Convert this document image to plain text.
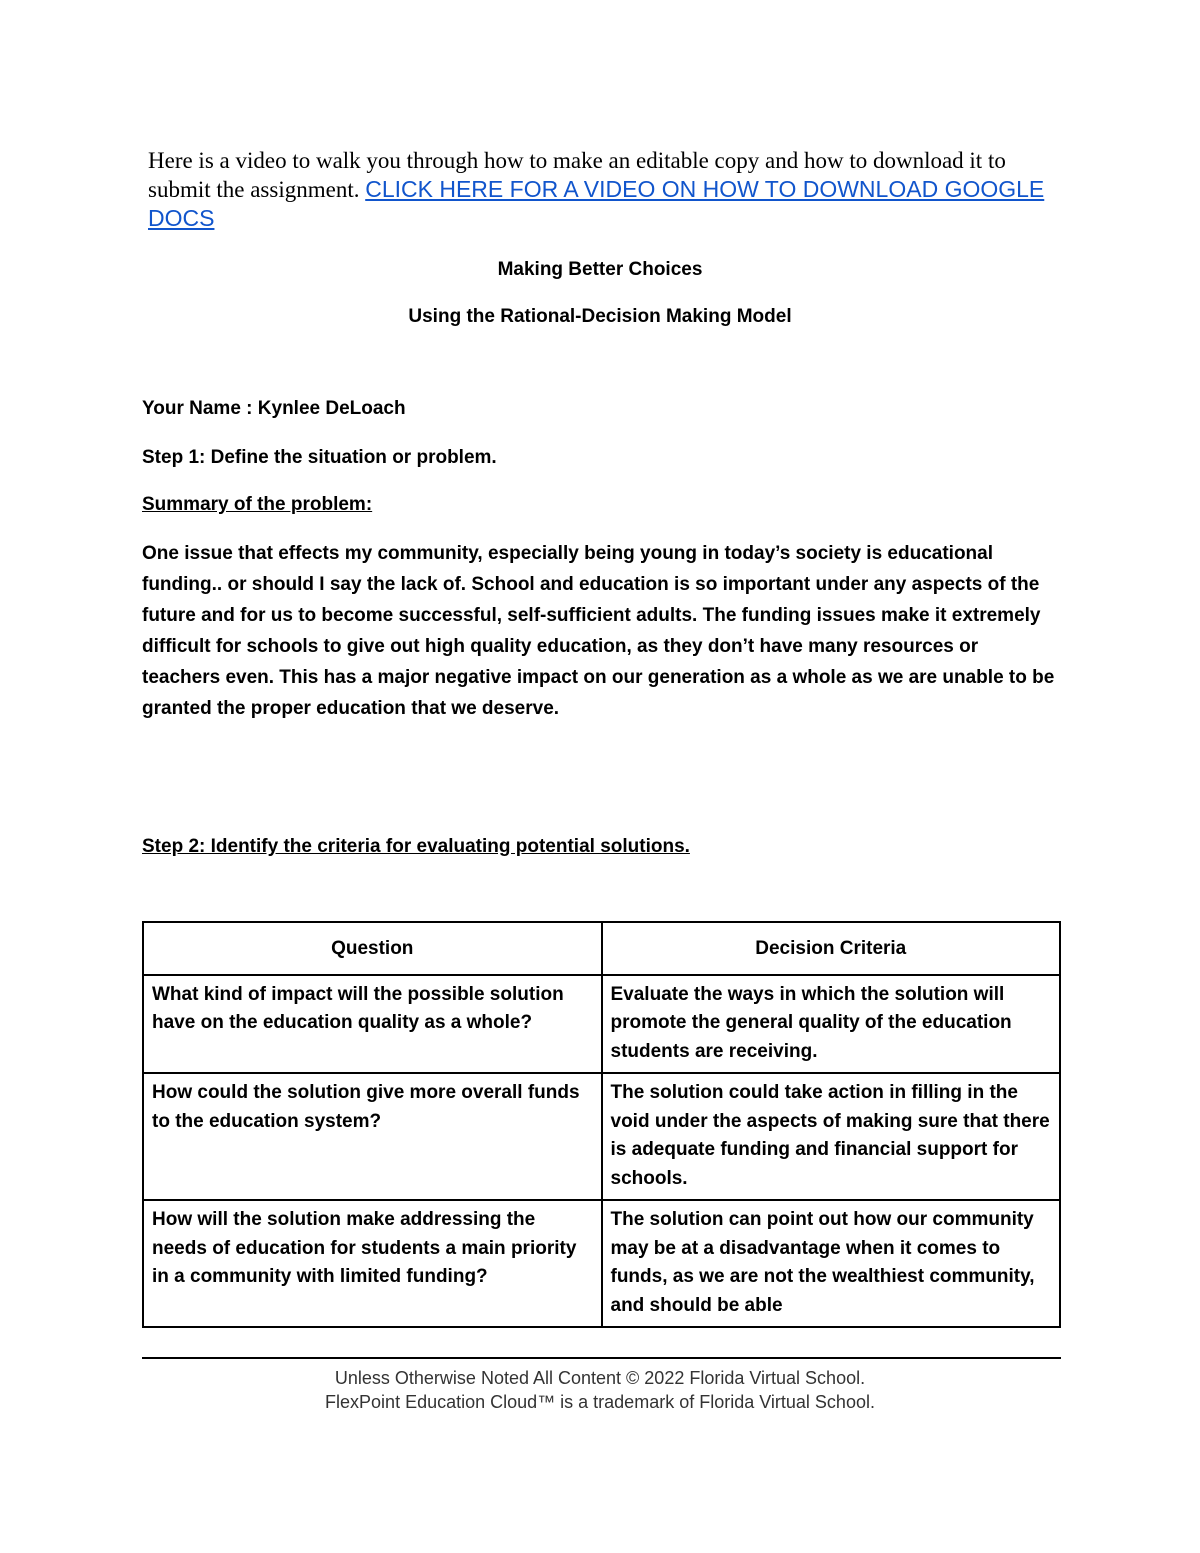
Here is a video to walk you through how to make an editable copy and how to download it to submit the assignment. CLICK HERE FOR A VIDEO ON HOW TO DOWNLOAD GOOGLE DOCS
Making Better Choices
Using the Rational-Decision Making Model
Your Name : Kynlee DeLoach
Step 1: Define the situation or problem.
Summary of the problem:
One issue that effects my community, especially being young in today’s society is educational funding.. or should I say the lack of. School and education is so important under any aspects of the future and for us to become successful, self-sufficient adults. The funding issues make it extremely difficult for schools to give out high quality education, as they don’t have many resources or teachers even. This has a major negative impact on our generation as a whole as we are unable to be granted the proper education that we deserve.
Step 2: Identify the criteria for evaluating potential solutions.
Question	Decision Criteria
What kind of impact will the possible solution have on the education quality as a whole?	Evaluate the ways in which the solution will promote the general quality of the education students are receiving.
How could the solution give more overall funds to the education system?	The solution could take action in filling in the void under the aspects of making sure that there is adequate funding and financial support for schools.
How will the solution make addressing the needs of education for students a main priority in a community with limited funding?	The solution can point out how our community may be at a disadvantage when it comes to funds, as we are not the wealthiest community, and should be able
Unless Otherwise Noted All Content © 2022 Florida Virtual School.
FlexPoint Education Cloud™ is a trademark of Florida Virtual School.
